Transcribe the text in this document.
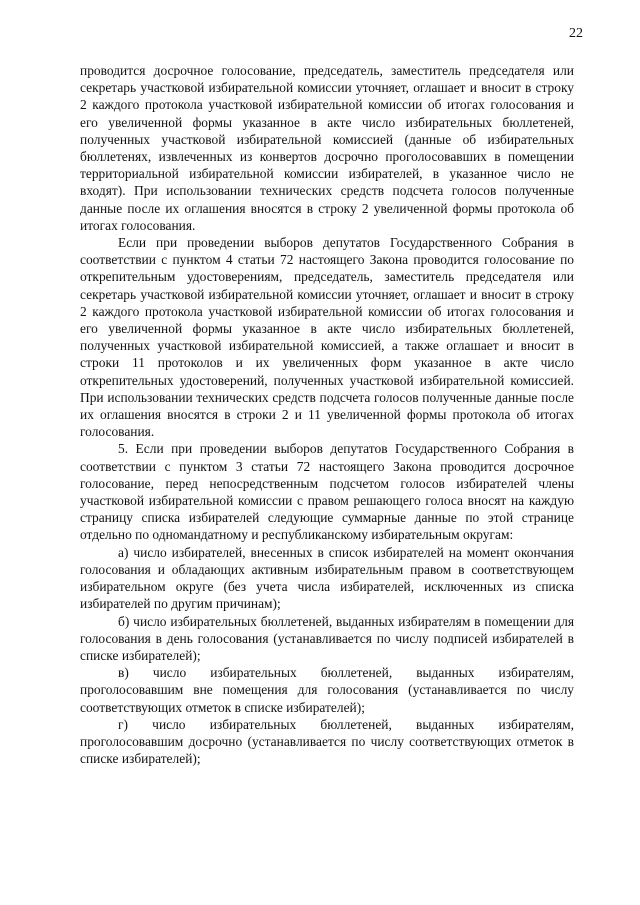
22

проводится досрочное голосование, председатель, заместитель председателя или секретарь участковой избирательной комиссии уточняет, оглашает и вносит в строку 2 каждого протокола участковой избирательной комиссии об итогах голосования и его увеличенной формы указанное в акте число избирательных бюллетеней, полученных участковой избирательной комиссией (данные об избирательных бюллетенях, извлеченных из конвертов досрочно проголосовавших в помещении территориальной избирательной комиссии избирателей, в указанное число не входят). При использовании технических средств подсчета голосов полученные данные после их оглашения вносятся в строку 2 увеличенной формы протокола об итогах голосования.

Если при проведении выборов депутатов Государственного Собрания в соответствии с пунктом 4 статьи 72 настоящего Закона проводится голосование по открепительным удостоверениям, председатель, заместитель председателя или секретарь участковой избирательной комиссии уточняет, оглашает и вносит в строку 2 каждого протокола участковой избирательной комиссии об итогах голосования и его увеличенной формы указанное в акте число избирательных бюллетеней, полученных участковой избирательной комиссией, а также оглашает и вносит в строки 11 протоколов и их увеличенных форм указанное в акте число открепительных удостоверений, полученных участковой избирательной комиссией. При использовании технических средств подсчета голосов полученные данные после их оглашения вносятся в строки 2 и 11 увеличенной формы протокола об итогах голосования.

5. Если при проведении выборов депутатов Государственного Собрания в соответствии с пунктом 3 статьи 72 настоящего Закона проводится досрочное голосование, перед непосредственным подсчетом голосов избирателей члены участковой избирательной комиссии с правом решающего голоса вносят на каждую страницу списка избирателей следующие суммарные данные по этой странице отдельно по одномандатному и республиканскому избирательным округам:

а) число избирателей, внесенных в список избирателей на момент окончания голосования и обладающих активным избирательным правом в соответствующем избирательном округе (без учета числа избирателей, исключенных из списка избирателей по другим причинам);

б) число избирательных бюллетеней, выданных избирателям в помещении для голосования в день голосования (устанавливается по числу подписей избирателей в списке избирателей);

в) число избирательных бюллетеней, выданных избирателям, проголосовавшим вне помещения для голосования (устанавливается по числу соответствующих отметок в списке избирателей);

г) число избирательных бюллетеней, выданных избирателям, проголосовавшим досрочно (устанавливается по числу соответствующих отметок в списке избирателей);
